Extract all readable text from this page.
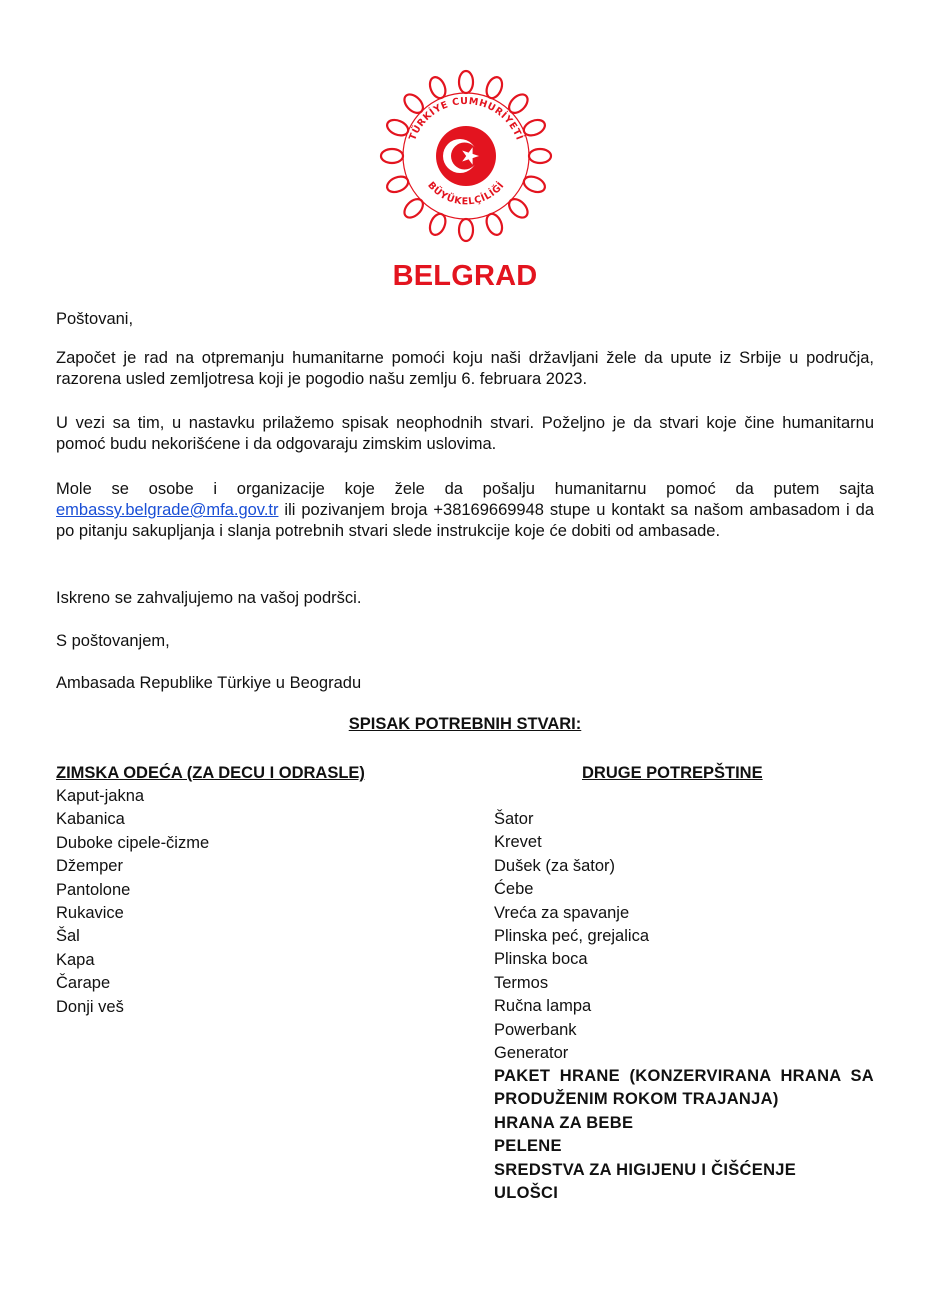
TÜRKİYE CUMHURİYETİ
BÜYÜKELÇİLİĞİ
BELGRAD

Poštovani,

Započet je rad na otpremanju humanitarne pomoći koju naši državljani žele da upute iz Srbije u područja, razorena usled zemljotresa koji je pogodio našu zemlju 6. februara 2023.

U vezi sa tim, u nastavku prilažemo spisak neophodnih stvari. Poželjno je da stvari koje čine humanitarnu pomoć budu nekorišćene i da odgovaraju zimskim uslovima.

Mole se osobe i organizacije koje žele da pošalju humanitarnu pomoć da putem sajta embassy.belgrade@mfa.gov.tr ili pozivanjem broja +38169669948 stupe u kontakt sa našom ambasadom i da po pitanju sakupljanja i slanja potrebnih stvari slede instrukcije koje će dobiti od ambasade.

Iskreno se zahvaljujemo na vašoj podršci.

S poštovanjem,

Ambasada Republike Türkiye u Beogradu

SPISAK POTREBNIH STVARI:
ZIMSKA ODEĆA (ZA DECU I ODRASLE)	DRUGE POTREPŠTINE
Kaput-jakna
Kabanica
Duboke cipele-čizme
Džemper
Pantolone
Rukavice
Šal
Kapa
Čarape
Donji veš
Šator
Krevet
Dušek (za šator)
Ćebe
Vreća za spavanje
Plinska peć, grejalica
Plinska boca
Termos
Ručna lampa
Powerbank
Generator
PAKET HRANE (KONZERVIRANA HRANA SA PRODUŽENIM ROKOM TRAJANJA)
HRANA ZA BEBE
PELENE
SREDSTVA ZA HIGIJENU I ČIŠĆENJE
ULOŠCI
